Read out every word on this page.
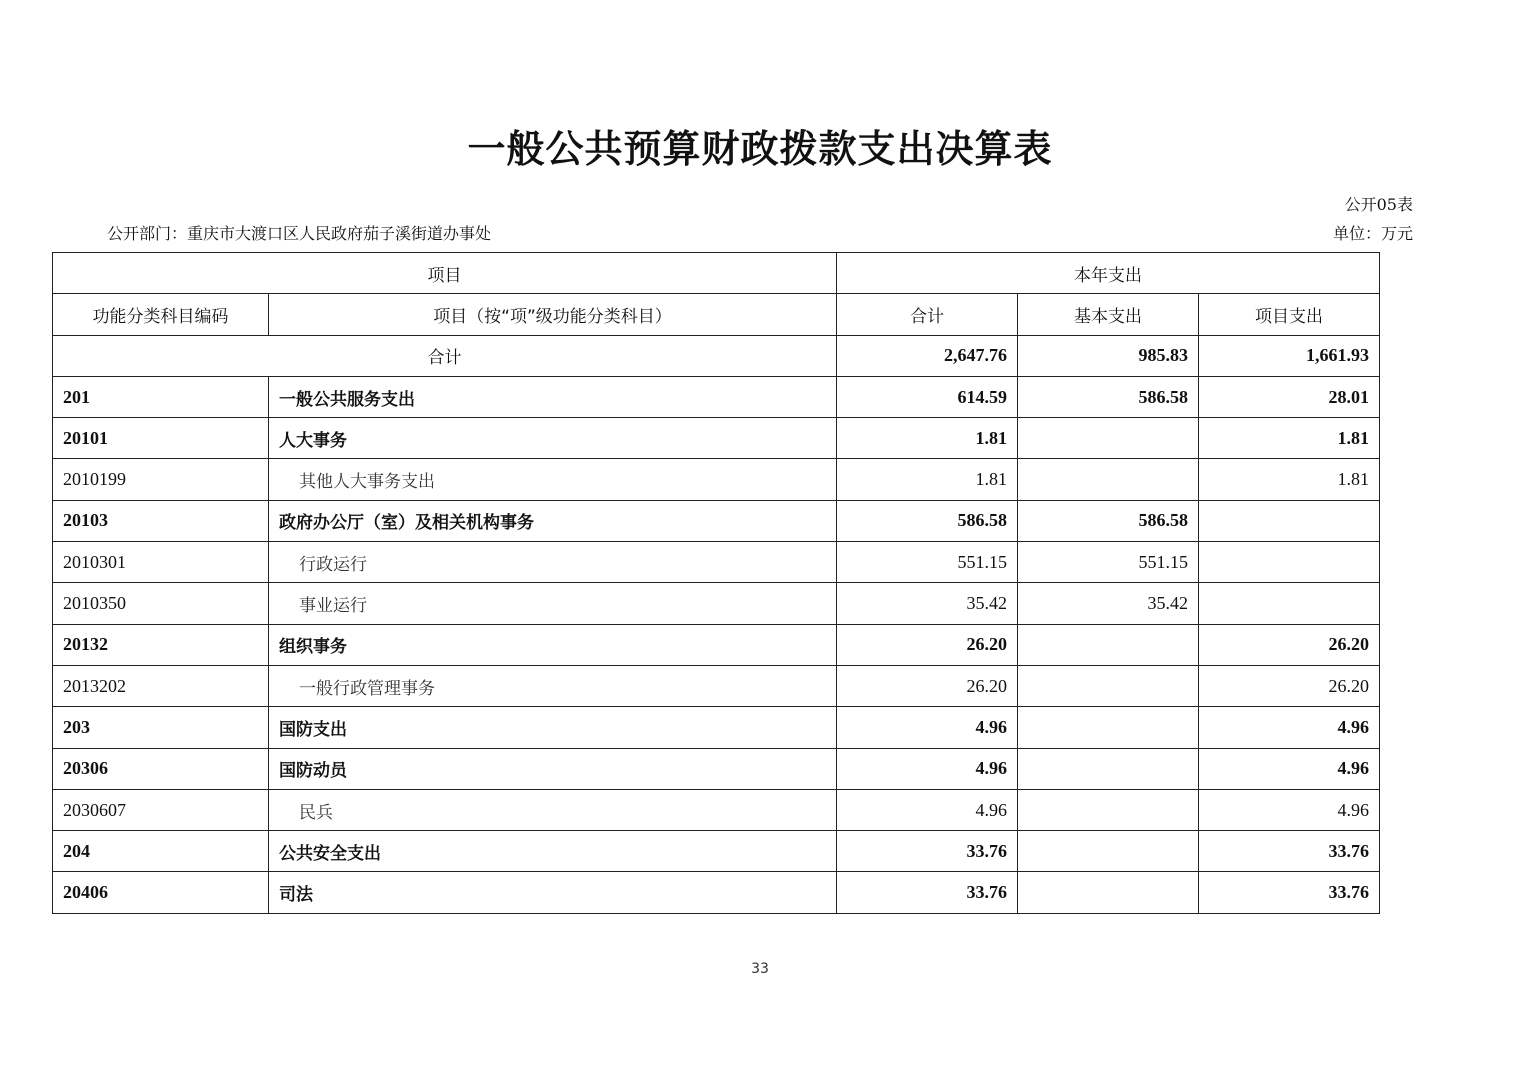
一般公共预算财政拨款支出决算表
公开05表
公开部门：重庆市大渡口区人民政府茄子溪街道办事处	单位：万元
项目		本年支出		
功能分类科目编码	项目（按“项”级功能分类科目）	合计	基本支出	项目支出
合计		2,647.76	985.83	1,661.93
201	一般公共服务支出	614.59	586.58	28.01
20101	人大事务	1.81		1.81
2010199	其他人大事务支出	1.81		1.81
20103	政府办公厅（室）及相关机构事务	586.58	586.58	
2010301	行政运行	551.15	551.15	
2010350	事业运行	35.42	35.42	
20132	组织事务	26.20		26.20
2013202	一般行政管理事务	26.20		26.20
203	国防支出	4.96		4.96
20306	国防动员	4.96		4.96
2030607	民兵	4.96		4.96
204	公共安全支出	33.76		33.76
20406	司法	33.76		33.76
33
